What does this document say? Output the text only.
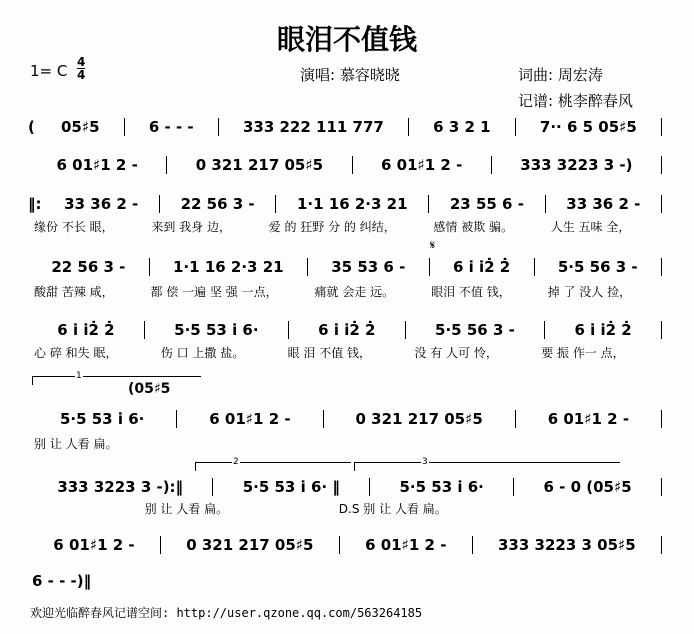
眼泪不值钱
1= C 4
4	演唱: 慕容晓晓	词曲: 周宏涛
记谱: 桃李醉春风
(	05♯5	6 - - -	333 222 111 777	6 3 2 1	7·· 6 5 05♯5
6 01♯1 2 -	0 321 217 05♯5	6 01♯1 2 -	333 3223 3 -)
‖:	33 36 2 -	22 56 3 -	1·1 16 2·3 21	23 55 6 -	33 36 2 -
22 56 3 -	1·1 16 2·3 21	35 53 6 -	6 i̇ i̇2̇ 2̇	5·5 56 3 -
6 i̇ i̇2̇ 2̇	5·5 53 i̇ 6·	6 i̇ i̇2̇ 2̇	5·5 56 3 -	6 i̇ i̇2̇ 2̇
5·5 53 i̇ 6·	6 01♯1 2 -	0 321 217 05♯5	6 01♯1 2 -
333 3223 3 -):‖	5·5 53 i̇ 6· ‖	5·5 53 i̇ 6·	6 - 0 (05♯5
6 01♯1 2 -	0 321 217 05♯5	6 01♯1 2 -	333 3223 3 05♯5
6 - - -)‖
缘份 不长 眼，	来到 我身 边，	爱 的 狂野 分 的 纠结，	感情 被欺 骗。	人生 五味 全，
酸甜 苦辣 咸，	都 偿 一遍 坚 强 一点，	痛就 会走 远。	眼泪 不值 钱，	掉 了 没人 捡，
心 碎 和失 眠，	伤 口 上撒 盐。	眼 泪 不值 钱，	没 有 人可 怜，	要 振 作一 点，
别 让 人看 扁。
别 让 人看 扁。	D.S 别 让 人看 扁。
𝄋
1
(05♯5
2	3
欢迎光临醉春风记谱空间: http://user.qzone.qq.com/563264185
